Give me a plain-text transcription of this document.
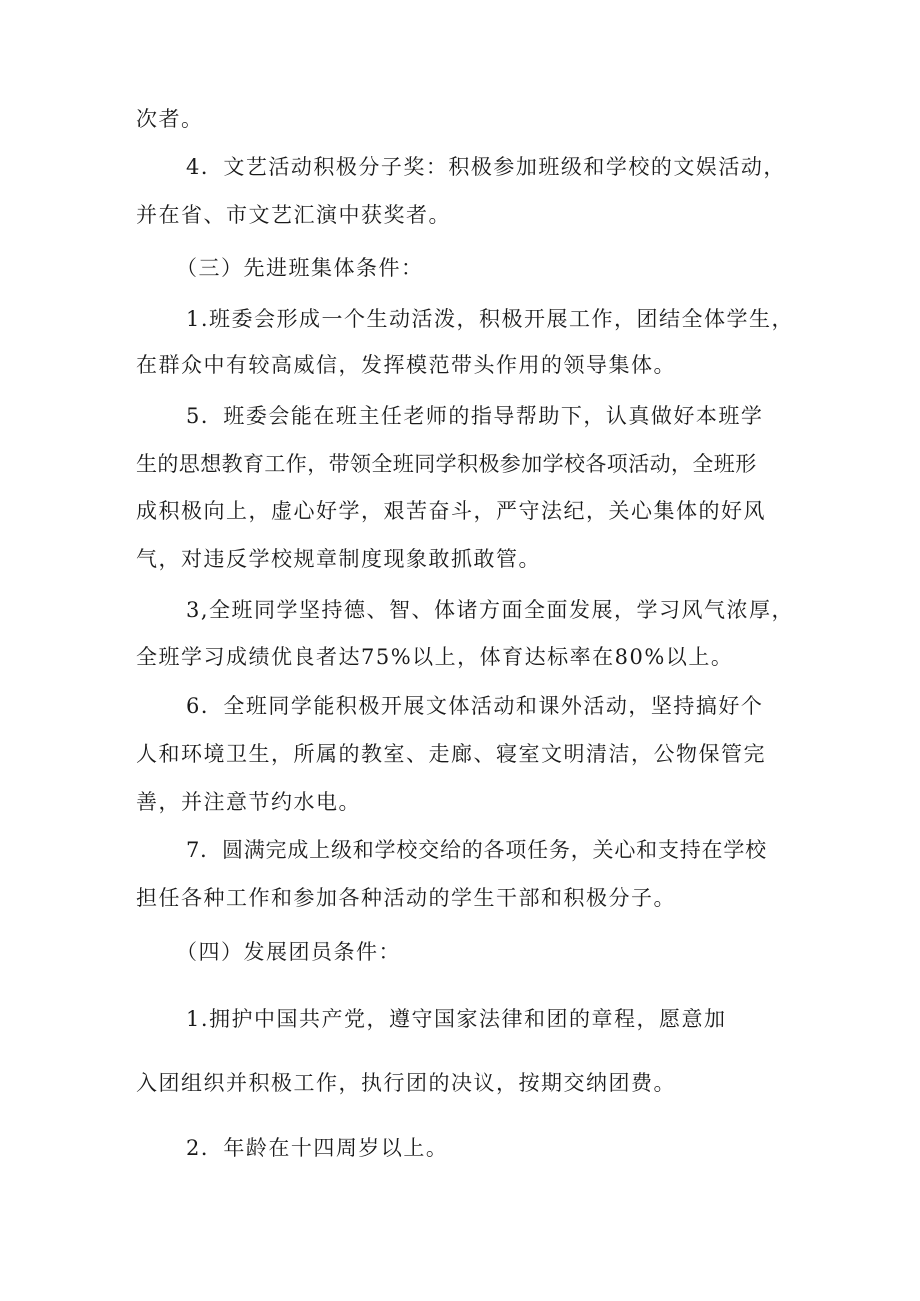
次者。
4．文艺活动积极分子奖：积极参加班级和学校的文娱活动，
并在省、市文艺汇演中获奖者。
（三）先进班集体条件：
1.班委会形成一个生动活泼，积极开展工作，团结全体学生，
在群众中有较高威信，发挥模范带头作用的领导集体。
5．班委会能在班主任老师的指导帮助下，认真做好本班学
生的思想教育工作，带领全班同学积极参加学校各项活动，全班形
成积极向上，虚心好学，艰苦奋斗，严守法纪，关心集体的好风
气，对违反学校规章制度现象敢抓敢管。
3,全班同学坚持德、智、体诸方面全面发展，学习风气浓厚，
全班学习成绩优良者达75%以上，体育达标率在80%以上。
6．全班同学能积极开展文体活动和课外活动，坚持搞好个
人和环境卫生，所属的教室、走廊、寝室文明清洁，公物保管完
善，并注意节约水电。
7．圆满完成上级和学校交给的各项任务，关心和支持在学校
担任各种工作和参加各种活动的学生干部和积极分子。
（四）发展团员条件：
1.拥护中国共产党，遵守国家法律和团的章程，愿意加
入团组织并积极工作，执行团的决议，按期交纳团费。
2．年龄在十四周岁以上。
